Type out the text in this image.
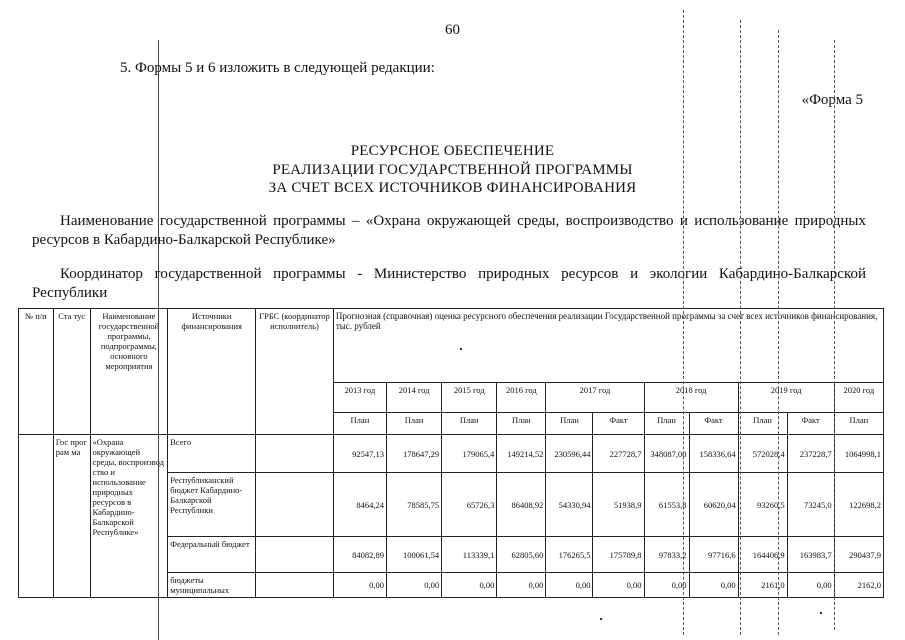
60
5. Формы 5 и 6 изложить в следующей редакции:
«Форма 5
РЕСУРСНОЕ ОБЕСПЕЧЕНИЕ
РЕАЛИЗАЦИИ ГОСУДАРСТВЕННОЙ ПРОГРАММЫ
ЗА СЧЕТ ВСЕХ ИСТОЧНИКОВ ФИНАНСИРОВАНИЯ
Наименование государственной программы – «Охрана окружающей среды, воспроизводство и использование природных ресурсов в Кабардино-Балкарской Республике»
Координатор государственной программы - Министерство природных ресурсов и экологии Кабардино-Балкарской Республики
№ п/п	Ста тус	Наименование государственной программы, подпрограммы, основного мероприятия	Источники финансирования	ГРБС (координатор исполнитель)	Прогнозная (справочная) оценка ресурсного обеспечения реализации Государственной программы за счет всех источников финансирования, тыс. рублей										
					2013 год	2014 год	2015 год	2016 год	2017 год		2018 год		2019 год		2020 год
					План	План	План	План	План	Факт	План	Факт	План	Факт	План
	Гос прог рам ма	«Охрана окружающей среды, воспроизвод ство и использование природных ресурсов в Кабардино-Балкарской Республике»	Всего		92547,13	178647,29	179065,4	149214,52	230596,44	227728,7	348087,00	158336,64	572028,4	237228,7	1064998,1
			Республиканский бюджет Кабардино-Балкарской Республики		8464,24	78585,75	65726,3	86408,92	54330,94	51938,9	61553,8	60620,04	93260,5	73245,0	122698,2
			Федеральный бюджет		84082,89	100061,54	113339,1	62805,60	176265,5	175789,8	97833,2	97716,6	164406,9	163983,7	290437,9
			бюджеты муниципальных		0,00	0,00	0,00	0,00	0,00	0,00	0,00	0,00	2161,0	0,00	2162,0
